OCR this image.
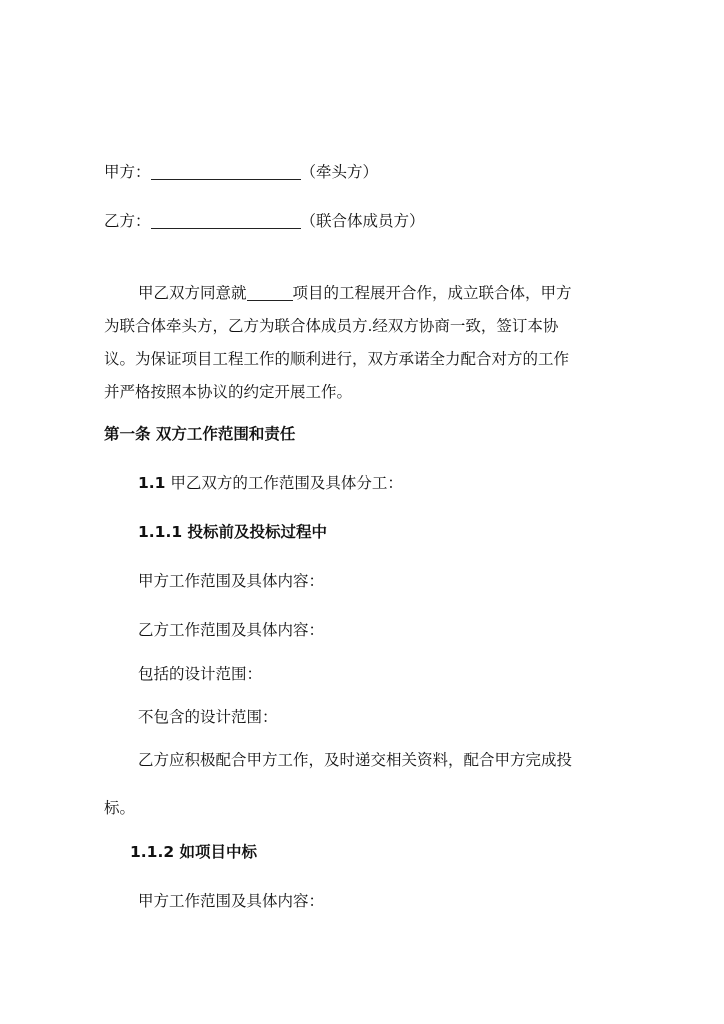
甲方：	（牵头方）
乙方：	（联合体成员方）
甲乙双方同意就	项目的工程展开合作，成立联合体，甲方
为联合体牵头方，乙方为联合体成员方.经双方协商一致，签订本协
议。为保证项目工程工作的顺利进行，双方承诺全力配合对方的工作
并严格按照本协议的约定开展工作。
第一条 双方工作范围和责任
1.1 甲乙双方的工作范围及具体分工：
1.1.1 投标前及投标过程中
甲方工作范围及具体内容：
乙方工作范围及具体内容：
包括的设计范围：
不包含的设计范围：
乙方应积极配合甲方工作，及时递交相关资料，配合甲方完成投
标。
1.1.2 如项目中标
甲方工作范围及具体内容：
